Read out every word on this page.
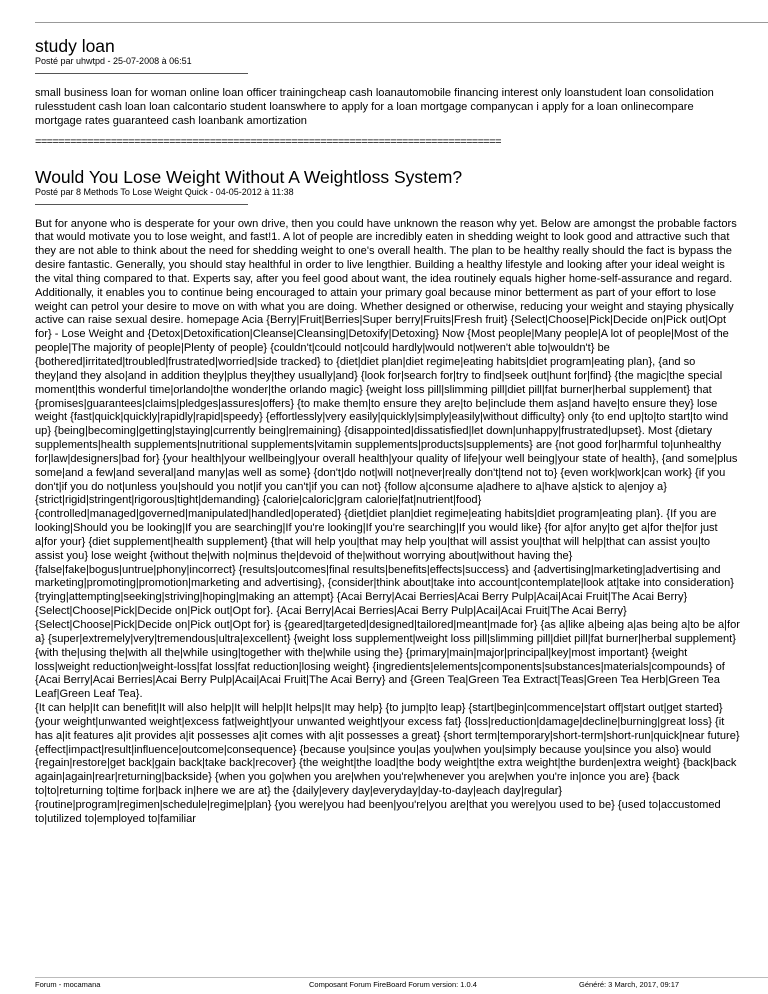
study loan

Posté par uhwtpd - 25-07-2008 à 06:51

small business loan for woman online loan officer trainingcheap cash loanautomobile financing interest only loanstudent loan consolidation rulesstudent cash loan loan calcontario student loanswhere to apply for a loan mortgage companycan i apply for a loan onlinecompare mortgage rates guaranteed cash loanbank amortization

================================================================================

Would You Lose Weight Without A Weightloss System?

Posté par 8 Methods To Lose Weight Quick - 04-05-2012 à 11:38

But for anyone who is desperate for your own drive, then you could have unknown the reason why yet. Below are amongst the probable factors that would motivate you to lose weight, and fast!1. A lot of people are incredibly eaten in shedding weight to look good and attractive such that they are not able to think about the need for shedding weight to one's overall health. The plan to be healthy really should the fact is bypass the desire fantastic. Generally, you should stay healthful in order to live lengthier. Building a healthy lifestyle and looking after your ideal weight is the vital thing compared to that. Experts say, after you feel good about want, the idea routinely equals higher home-self-assurance and regard. Additionally, it enables you to continue being encouraged to attain your primary goal because minor betterment as part of your effort to lose weight can petrol your desire to move on with what you are doing. Whether designed or otherwise, reducing your weight and staying physically active can raise sexual desire. homepage Acia {Berry|Fruit|Berries|Super berry|Fruits|Fresh fruit} {Select|Choose|Pick|Decide on|Pick out|Opt for} - Lose Weight and {Detox|Detoxification|Cleanse|Cleansing|Detoxify|Detoxing} Now {Most people|Many people|A lot of people|Most of the people|The majority of people|Plenty of people} {couldn't|could not|could hardly|would not|weren't able to|wouldn't} be {bothered|irritated|troubled|frustrated|worried|side tracked} to {diet|diet plan|diet regime|eating habits|diet program|eating plan}, {and so they|and they also|and in addition they|plus they|they usually|and} {look for|search for|try to find|seek out|hunt for|find} {the magic|the special moment|this wonderful time|orlando|the wonder|the orlando magic} {weight loss pill|slimming pill|diet pill|fat burner|herbal supplement} that {promises|guarantees|claims|pledges|assures|offers} {to make them|to ensure they are|to be|include them as|and have|to ensure they} lose weight {fast|quick|quickly|rapidly|rapid|speedy} {effortlessly|very easily|quickly|simply|easily|without difficulty} only {to end up|to|to start|to wind up} {being|becoming|getting|staying|currently being|remaining} {disappointed|dissatisfied|let down|unhappy|frustrated|upset}. Most {dietary supplements|health supplements|nutritional supplements|vitamin supplements|products|supplements} are {not good for|harmful to|unhealthy for|law|designers|bad for} {your health|your wellbeing|your overall health|your quality of life|your well being|your state of health}, {and some|plus some|and a few|and several|and many|as well as some} {don't|do not|will not|never|really don't|tend not to} {even work|work|can work} {if you don't|if you do not|unless you|should you not|if you can't|if you can not} {follow a|consume a|adhere to a|have a|stick to a|enjoy a} {strict|rigid|stringent|rigorous|tight|demanding} {calorie|caloric|gram calorie|fat|nutrient|food} {controlled|managed|governed|manipulated|handled|operated} {diet|diet plan|diet regime|eating habits|diet program|eating plan}. {If you are looking|Should you be looking|If you are searching|If you're looking|If you're searching|If you would like} {for a|for any|to get a|for the|for just a|for your} {diet supplement|health supplement} {that will help you|that may help you|that will assist you|that will help|that can assist you|to assist you} lose weight {without the|with no|minus the|devoid of the|without worrying about|without having the} {false|fake|bogus|untrue|phony|incorrect} {results|outcomes|final results|benefits|effects|success} and {advertising|marketing|advertising and marketing|promoting|promotion|marketing and advertising}, {consider|think about|take into account|contemplate|look at|take into consideration} {trying|attempting|seeking|striving|hoping|making an attempt} {Acai Berry|Acai Berries|Acai Berry Pulp|Acai|Acai Fruit|The Acai Berry} {Select|Choose|Pick|Decide on|Pick out|Opt for}. {Acai Berry|Acai Berries|Acai Berry Pulp|Acai|Acai Fruit|The Acai Berry} {Select|Choose|Pick|Decide on|Pick out|Opt for} is {geared|targeted|designed|tailored|meant|made for} {as a|like a|being a|as being a|to be a|for a} {super|extremely|very|tremendous|ultra|excellent} {weight loss supplement|weight loss pill|slimming pill|diet pill|fat burner|herbal supplement} {with the|using the|with all the|while using|together with the|while using the} {primary|main|major|principal|key|most important} {weight loss|weight reduction|weight-loss|fat loss|fat reduction|losing weight} {ingredients|elements|components|substances|materials|compounds} of {Acai Berry|Acai Berries|Acai Berry Pulp|Acai|Acai Fruit|The Acai Berry} and {Green Tea|Green Tea Extract|Teas|Green Tea Herb|Green Tea Leaf|Green Leaf Tea}.
{It can help|It can benefit|It will also help|It will help|It helps|It may help} {to jump|to leap} {start|begin|commence|start off|start out|get started} {your weight|unwanted weight|excess fat|weight|your unwanted weight|your excess fat} {loss|reduction|damage|decline|burning|great loss} {it has a|it features a|it provides a|it possesses a|it comes with a|it possesses a great} {short term|temporary|short-term|short-run|quick|near future} {effect|impact|result|influence|outcome|consequence} {because you|since you|as you|when you|simply because you|since you also} would {regain|restore|get back|gain back|take back|recover} {the weight|the load|the body weight|the extra weight|the burden|extra weight} {back|back again|again|rear|returning|backside} {when you go|when you are|when you're|whenever you are|when you're in|once you are} {back to|to|returning to|time for|back in|here we are at} the {daily|every day|everyday|day-to-day|each day|regular} {routine|program|regimen|schedule|regime|plan} {you were|you had been|you're|you are|that you were|you used to be} {used to|accustomed to|utilized to|employed to|familiar
Forum - mocamana	Composant Forum FireBoard Forum version: 1.0.4	Généré: 3 March, 2017, 09:17
